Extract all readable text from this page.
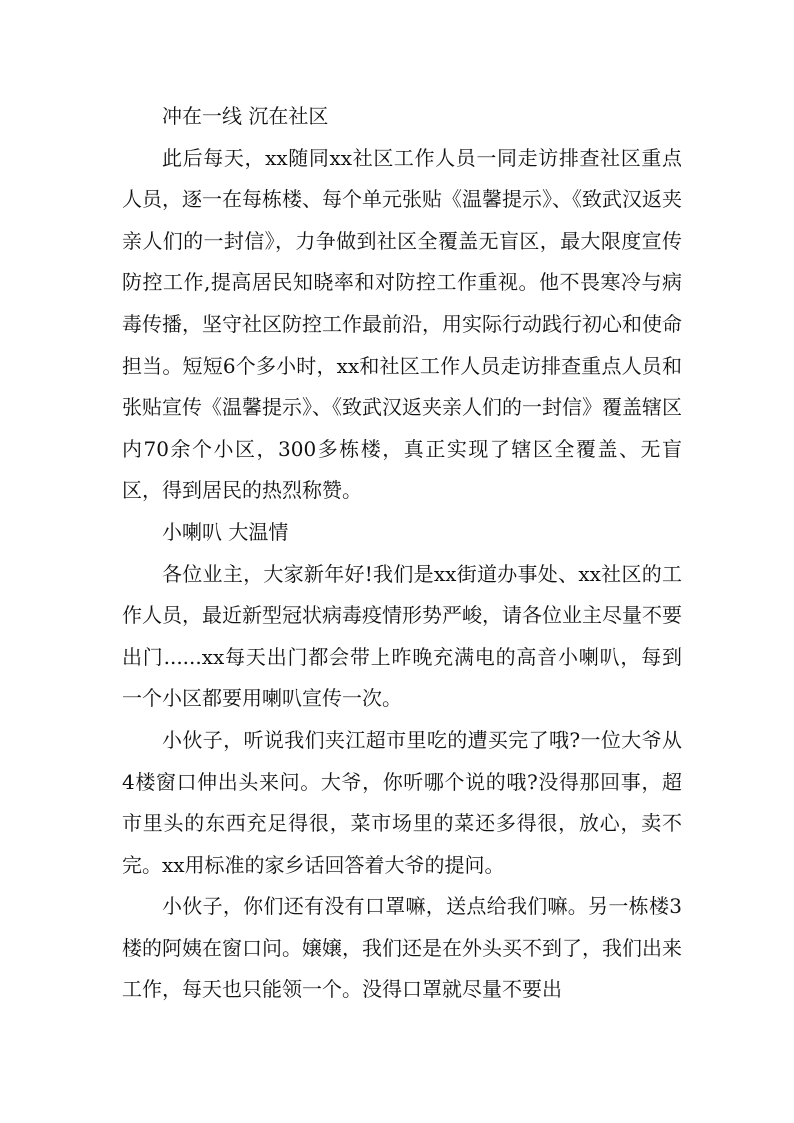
冲在一线 沉在社区

此后每天，xx随同xx社区工作人员一同走访排查社区重点人员，逐一在每栋楼、每个单元张贴《温馨提示》、《致武汉返夹亲人们的一封信》，力争做到社区全覆盖无盲区，最大限度宣传防控工作,提高居民知晓率和对防控工作重视。他不畏寒冷与病毒传播，坚守社区防控工作最前沿，用实际行动践行初心和使命担当。短短6个多小时，xx和社区工作人员走访排查重点人员和张贴宣传《温馨提示》、《致武汉返夹亲人们的一封信》覆盖辖区内70余个小区，300多栋楼，真正实现了辖区全覆盖、无盲区，得到居民的热烈称赞。

小喇叭 大温情

各位业主，大家新年好!我们是xx街道办事处、xx社区的工作人员，最近新型冠状病毒疫情形势严峻，请各位业主尽量不要出门......xx每天出门都会带上昨晚充满电的高音小喇叭，每到一个小区都要用喇叭宣传一次。

小伙子，听说我们夹江超市里吃的遭买完了哦?一位大爷从4楼窗口伸出头来问。大爷，你听哪个说的哦?没得那回事，超市里头的东西充足得很，菜市场里的菜还多得很，放心，卖不完。xx用标准的家乡话回答着大爷的提问。

小伙子，你们还有没有口罩嘛，送点给我们嘛。另一栋楼3楼的阿姨在窗口问。嬢嬢，我们还是在外头买不到了，我们出来工作，每天也只能领一个。没得口罩就尽量不要出
